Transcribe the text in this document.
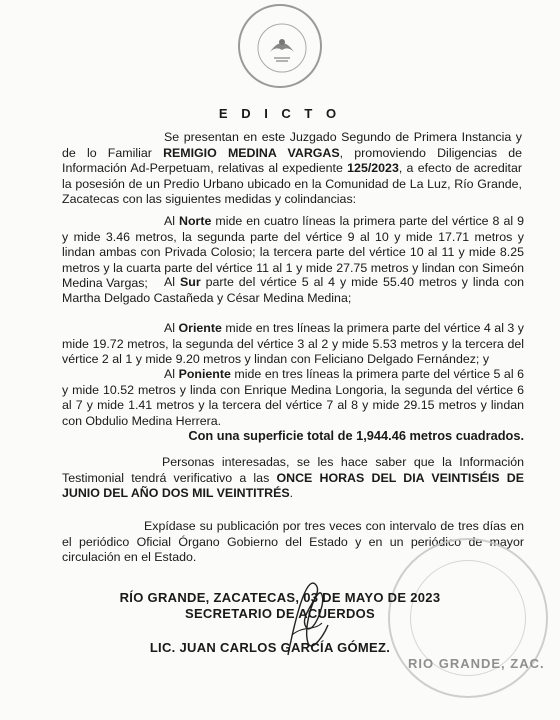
E D I C T O

Se presentan en este Juzgado Segundo de Primera Instancia y de lo Familiar REMIGIO MEDINA VARGAS, promoviendo Diligencias de Información Ad-Perpetuam, relativas al expediente 125/2023, a efecto de acreditar la posesión de un Predio Urbano ubicado en la Comunidad de La Luz, Río Grande, Zacatecas con las siguientes medidas y colindancias:

Al Norte mide en cuatro líneas la primera parte del vértice 8 al 9 y mide 3.46 metros, la segunda parte del vértice 9 al 10 y mide 17.71 metros y lindan ambas con Privada Colosio; la tercera parte del vértice 10 al 11 y mide 8.25 metros y la cuarta parte del vértice 11 al 1 y mide 27.75 metros y lindan con Simeón Medina Vargas;	Al Sur parte del vértice 5 al 4 y mide 55.40 metros y linda con Martha Delgado Castañeda y César Medina Medina;

Al Oriente mide en tres líneas la primera parte del vértice 4 al 3 y mide 19.72 metros, la segunda del vértice 3 al 2 y mide 5.53 metros y la tercera del vértice 2 al 1 y mide 9.20 metros y lindan con Feliciano Delgado Fernández; y

Al Poniente mide en tres líneas la primera parte del vértice 5 al 6 y mide 10.52 metros y linda con Enrique Medina Longoria, la segunda del vértice 6 al 7 y mide 1.41 metros y la tercera del vértice 7 al 8 y mide 29.15 metros y lindan con Obdulio Medina Herrera.

Con una superficie total de 1,944.46 metros cuadrados.

Personas interesadas, se les hace saber que la Información Testimonial tendrá verificativo a las ONCE HORAS DEL DIA VEINTISÉIS DE JUNIO DEL AÑO DOS MIL VEINTITRÉS.

Expídase su publicación por tres veces con intervalo de tres días en el periódico Oficial Órgano Gobierno del Estado y en un periódico de mayor circulación en el Estado.

RÍO GRANDE, ZACATECAS, 03 DE MAYO DE 2023
SECRETARIO DE ACUERDOS
LIC. JUAN CARLOS GARCÍA GÓMEZ.
RIO GRANDE, ZAC.
